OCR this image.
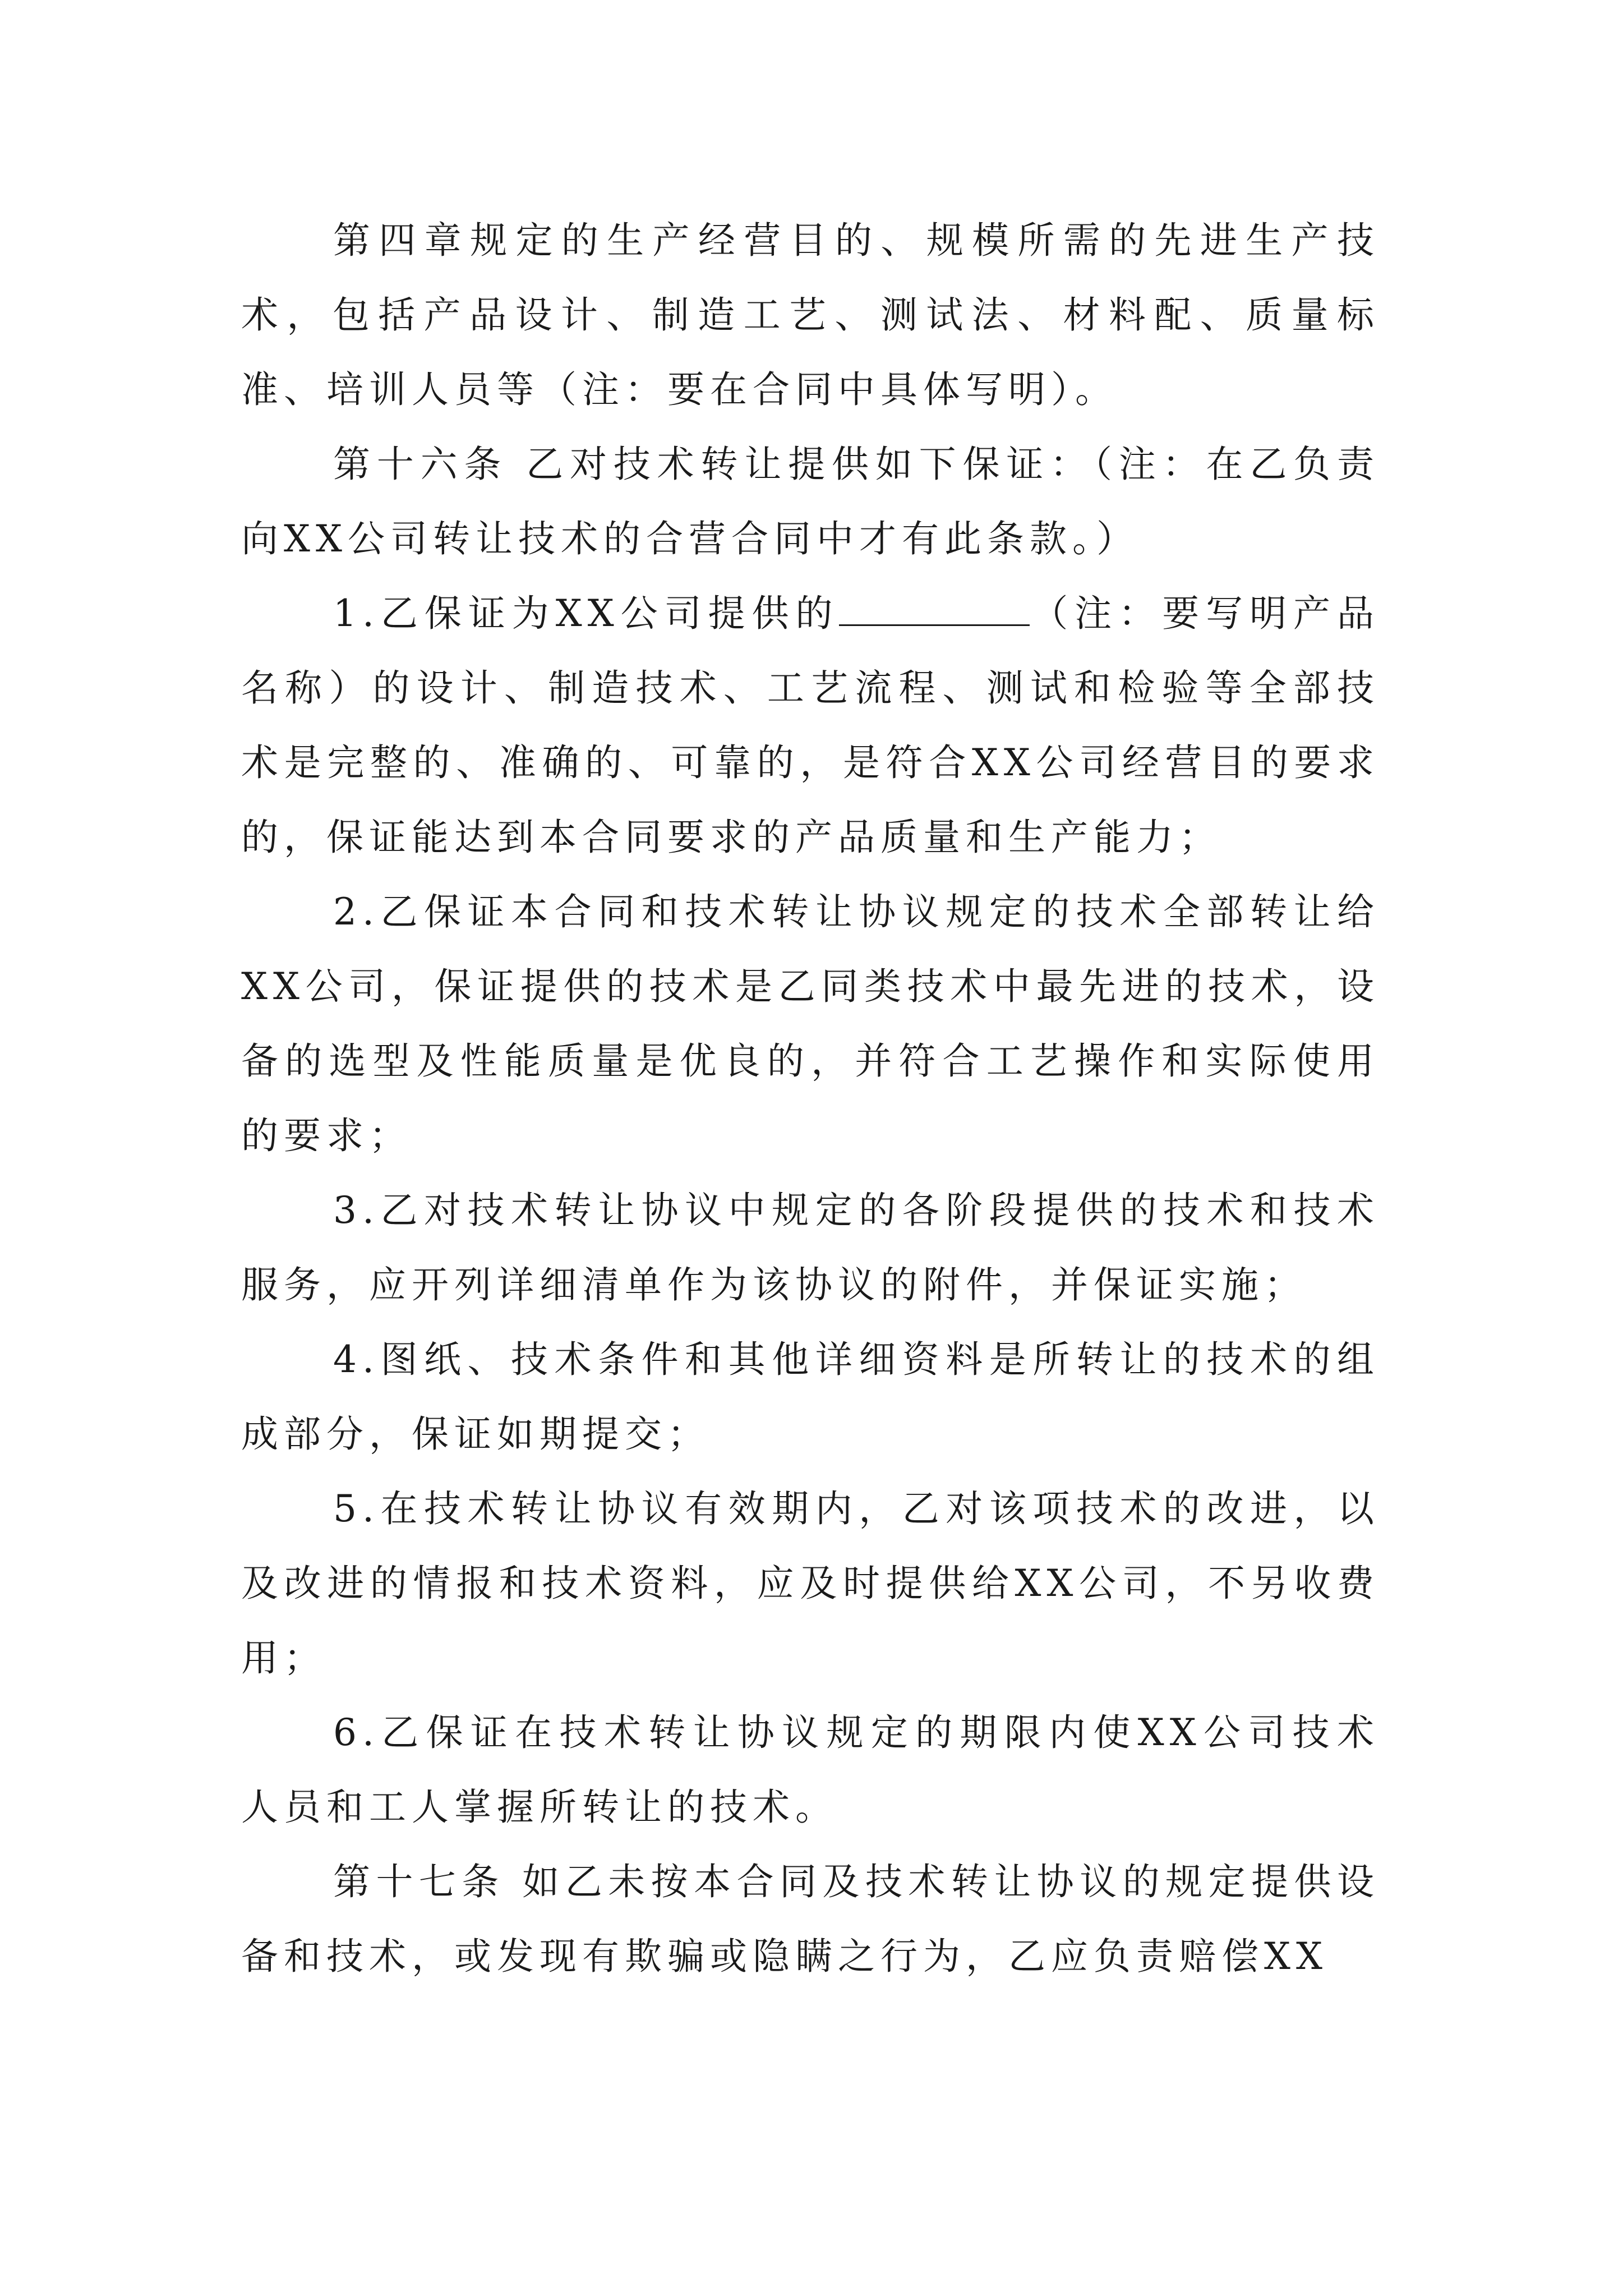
第四章规定的生产经营目的、规模所需的先进生产技术，包括产品设计、制造工艺、测试法、材料配、质量标准、培训人员等（注：要在合同中具体写明）。

第十六条 乙对技术转让提供如下保证：（注：在乙负责向XX公司转让技术的合营合同中才有此条款。）

1.乙保证为XX公司提供的	（注：要写明产品名称）的设计、制造技术、工艺流程、测试和检验等全部技术是完整的、准确的、可靠的，是符合XX公司经营目的要求的，保证能达到本合同要求的产品质量和生产能力；

2.乙保证本合同和技术转让协议规定的技术全部转让给XX公司，保证提供的技术是乙同类技术中最先进的技术，设备的选型及性能质量是优良的，并符合工艺操作和实际使用的要求；

3.乙对技术转让协议中规定的各阶段提供的技术和技术服务，应开列详细清单作为该协议的附件，并保证实施；

4.图纸、技术条件和其他详细资料是所转让的技术的组成部分，保证如期提交；

5.在技术转让协议有效期内，乙对该项技术的改进，以及改进的情报和技术资料，应及时提供给XX公司，不另收费用；

6.乙保证在技术转让协议规定的期限内使XX公司技术人员和工人掌握所转让的技术。

第十七条 如乙未按本合同及技术转让协议的规定提供设备和技术，或发现有欺骗或隐瞒之行为，乙应负责赔偿XX
